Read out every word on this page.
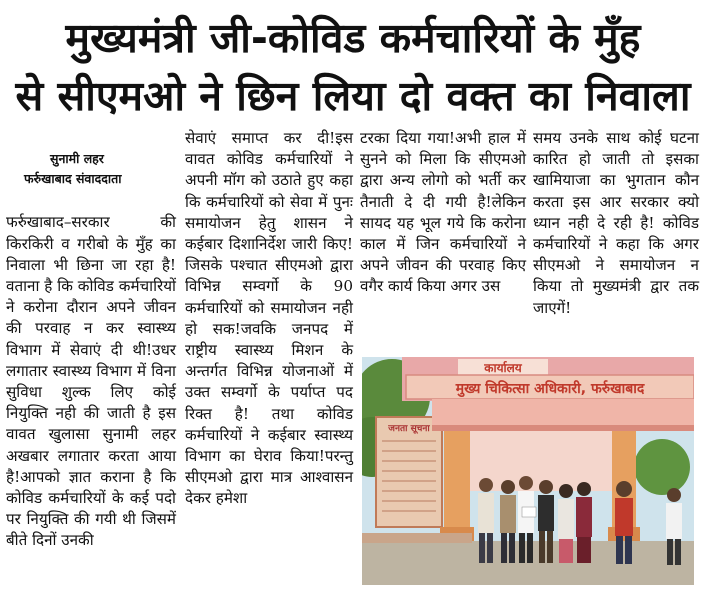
मुख्यमंत्री जी-कोविड कर्मचारियों के मुँह
से सीएमओ ने छिन लिया दो वक्त का निवाला

सुनामी लहर
फर्रुखाबाद संवाददाता

फर्रुखाबाद–सरकार की किरकिरी व गरीबो के मुँह का निवाला भी छिना जा रहा है! वताना है कि कोविड कर्मचारियों ने करोना दौरान अपने जीवन की परवाह न कर स्वास्थ्य विभाग में सेवाएं दी थी!उधर लगातार स्वास्थ्य विभाग में विना सुविधा शुल्क लिए कोई नियुक्ति नही की जाती है इस वावत खुलासा सुनामी लहर अखबार लगातार करता आया है!आपको ज्ञात कराना है कि कोविड कर्मचारियों के कई पदो पर नियुक्ति की गयी थी जिसमें बीते दिनों उनकी

सेवाएं समाप्त कर दी!इस वावत कोविड कर्मचारियों ने अपनी मॉग को उठाते हुए कहा कि कर्मचारियों को सेवा में पुनः समायोजन हेतु शासन ने कईबार दिशानिर्देश जारी किए!जिसके पश्चात सीएमओ द्वारा विभिन्न सम्वर्गो के 90 कर्मचारियों को समायोजन नही हो सक!जवकि जनपद में राष्ट्रीय स्वास्थ्य मिशन के अन्तर्गत विभिन्न योजनाओं में उक्त सम्वर्गो के पर्याप्त पद रिक्त है! तथा कोविड कर्मचारियों ने कईबार स्वास्थ्य विभाग का घेराव किया!परन्तु सीएमओ द्वारा मात्र आश्वासन देकर हमेशा
टरका दिया गया!अभी हाल में सुनने को मिला कि सीएमओ द्वारा अन्य लोगो को भर्ती कर तैनाती दे दी गयी है!लेकिन सायद यह भूल गये कि करोना काल में जिन कर्मचारियों ने अपने जीवन की परवाह किए वगैर कार्य किया अगर उस
समय उनके साथ कोई घटना कारित हो जाती तो इसका खामियाजा का भुगतान कौन करता इस आर सरकार क्यो ध्यान नही दे रही है! कोविड कर्मचारियों ने कहा कि अगर सीएमओ ने समायोजन न किया तो मुख्यमंत्री द्वार तक जाएगें!
जनता सूचना
कार्यालय
मुख्य चिकित्सा अधिकारी, फर्रुखाबाद
